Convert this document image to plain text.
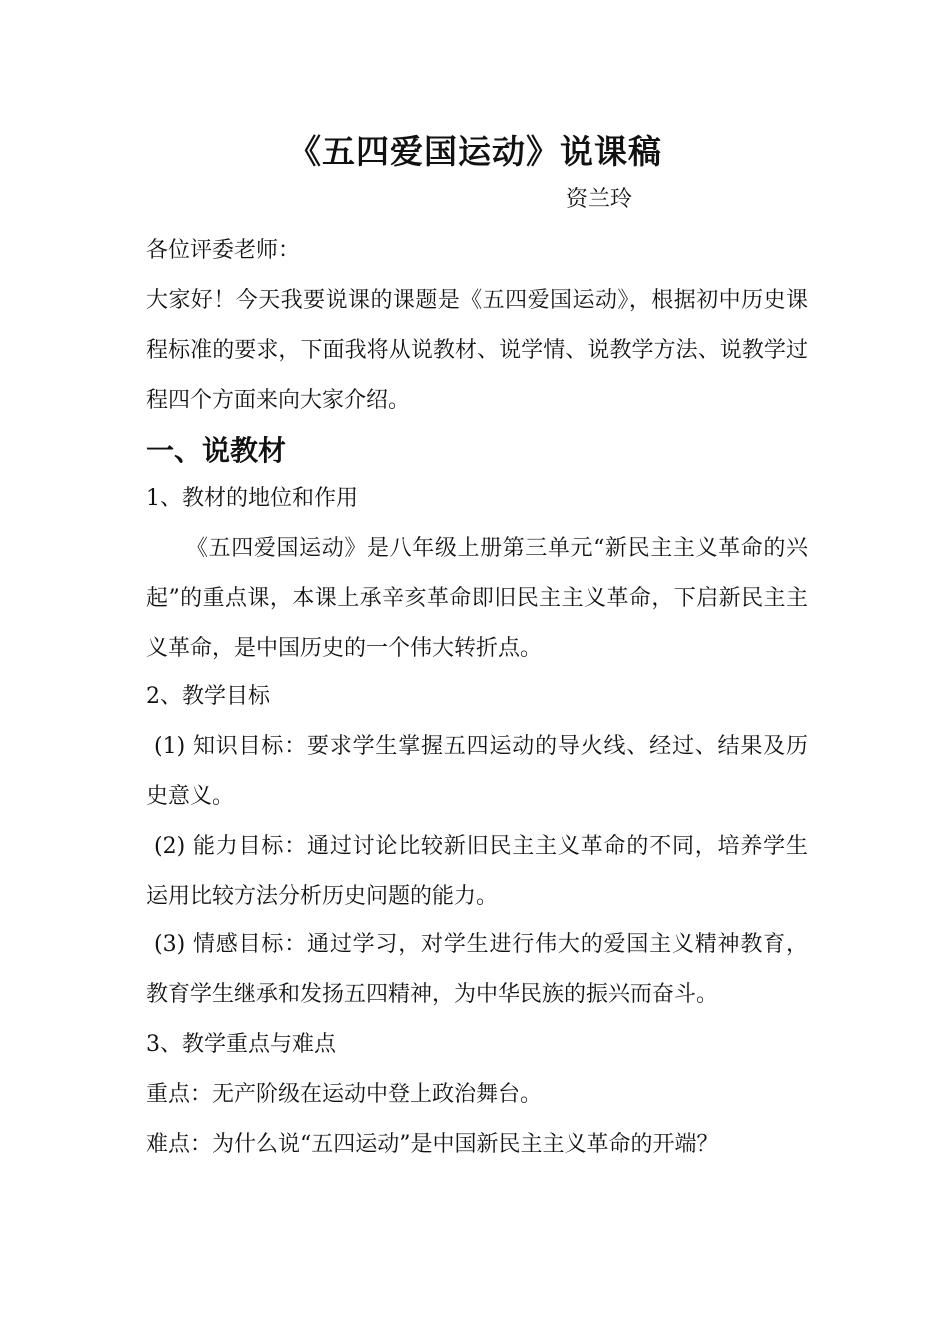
《五四爱国运动》说课稿

资兰玲

各位评委老师：

大家好！今天我要说课的课题是《五四爱国运动》，根据初中历史课程标准的要求，下面我将从说教材、说学情、说教学方法、说教学过程四个方面来向大家介绍。

一、说教材

1、教材的地位和作用

《五四爱国运动》是八年级上册第三单元“新民主主义革命的兴起”的重点课，本课上承辛亥革命即旧民主主义革命，下启新民主主义革命，是中国历史的一个伟大转折点。

2、教学目标

(1) 知识目标：要求学生掌握五四运动的导火线、经过、结果及历史意义。

(2) 能力目标：通过讨论比较新旧民主主义革命的不同，培养学生运用比较方法分析历史问题的能力。

(3) 情感目标：通过学习，对学生进行伟大的爱国主义精神教育，教育学生继承和发扬五四精神，为中华民族的振兴而奋斗。

3、教学重点与难点

重点：无产阶级在运动中登上政治舞台。

难点：为什么说“五四运动”是中国新民主主义革命的开端？
